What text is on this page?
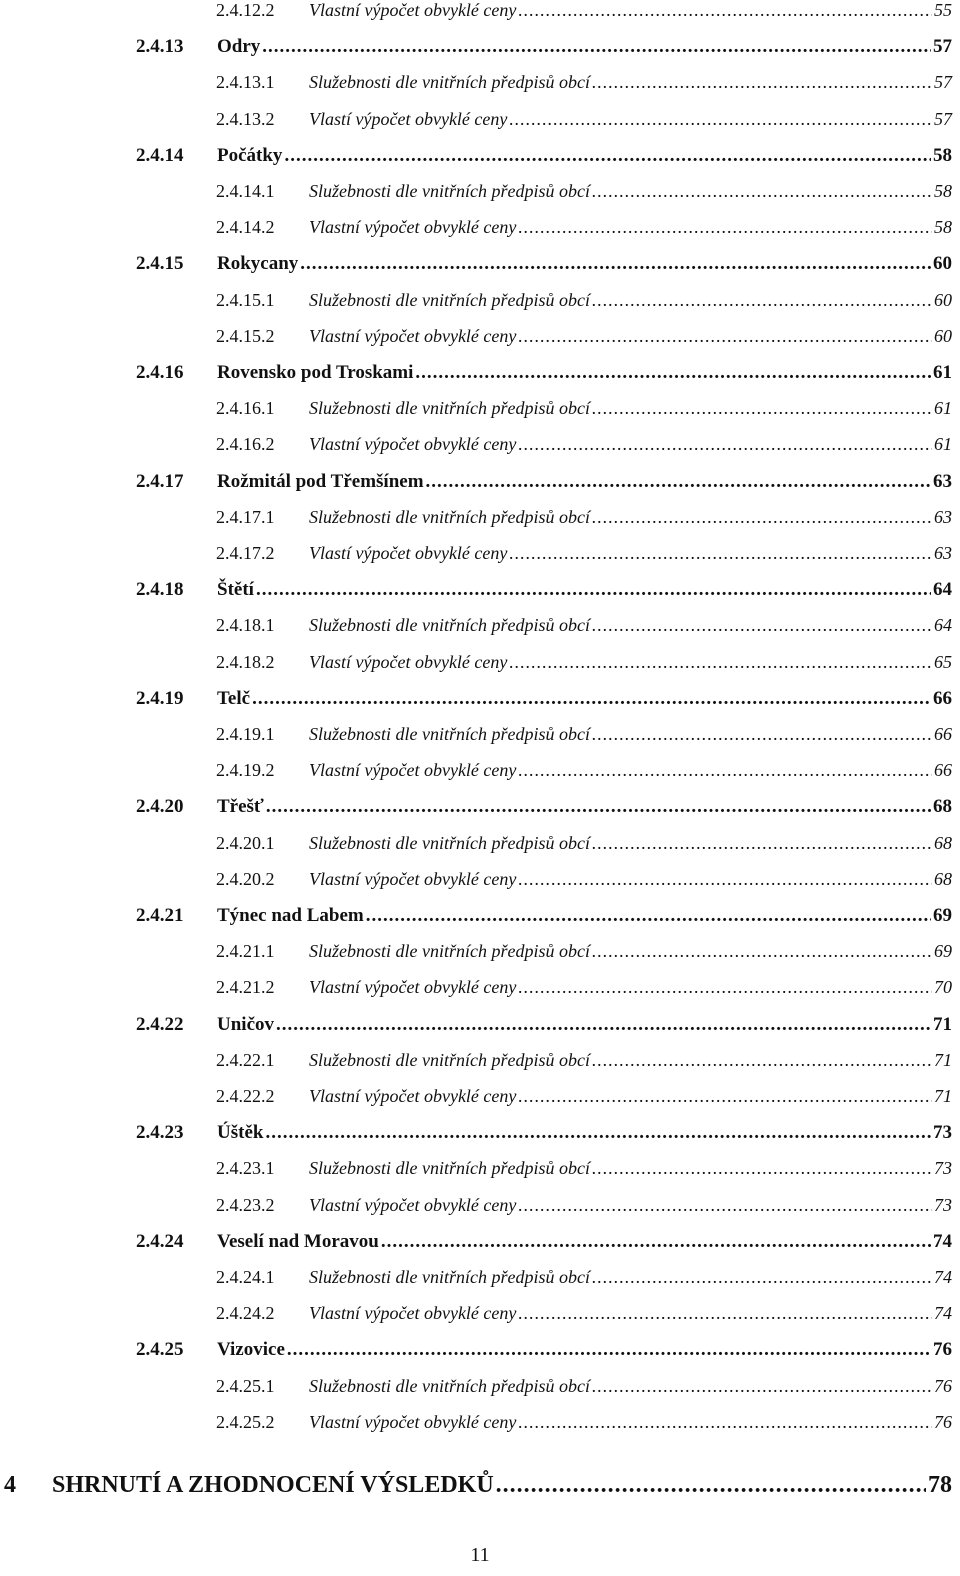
2.4.12.2	Vlastní výpočet obvyklé ceny .....	55
2.4.13	Odry .....	57
2.4.13.1	Služebnosti dle vnitřních předpisů obcí .....	57
2.4.13.2	Vlastí výpočet obvyklé ceny .....	57
2.4.14	Počátky .....	58
2.4.14.1	Služebnosti dle vnitřních předpisů obcí .....	58
2.4.14.2	Vlastní výpočet obvyklé ceny .....	58
2.4.15	Rokycany .....	60
2.4.15.1	Služebnosti dle vnitřních předpisů obcí .....	60
2.4.15.2	Vlastní výpočet obvyklé ceny .....	60
2.4.16	Rovensko pod Troskami .....	61
2.4.16.1	Služebnosti dle vnitřních předpisů obcí .....	61
2.4.16.2	Vlastní výpočet obvyklé ceny .....	61
2.4.17	Rožmitál pod Třemšínem .....	63
2.4.17.1	Služebnosti dle vnitřních předpisů obcí .....	63
2.4.17.2	Vlastí výpočet obvyklé ceny .....	63
2.4.18	Štětí .....	64
2.4.18.1	Služebnosti dle vnitřních předpisů obcí .....	64
2.4.18.2	Vlastí výpočet obvyklé ceny .....	65
2.4.19	Telč .....	66
2.4.19.1	Služebnosti dle vnitřních předpisů obcí .....	66
2.4.19.2	Vlastní výpočet obvyklé ceny .....	66
2.4.20	Třešť .....	68
2.4.20.1	Služebnosti dle vnitřních předpisů obcí .....	68
2.4.20.2	Vlastní výpočet obvyklé ceny .....	68
2.4.21	Týnec nad Labem .....	69
2.4.21.1	Služebnosti dle vnitřních předpisů obcí .....	69
2.4.21.2	Vlastní výpočet obvyklé ceny .....	70
2.4.22	Uničov .....	71
2.4.22.1	Služebnosti dle vnitřních předpisů obcí .....	71
2.4.22.2	Vlastní výpočet obvyklé ceny .....	71
2.4.23	Úštěk .....	73
2.4.23.1	Služebnosti dle vnitřních předpisů obcí .....	73
2.4.23.2	Vlastní výpočet obvyklé ceny .....	73
2.4.24	Veselí nad Moravou .....	74
2.4.24.1	Služebnosti dle vnitřních předpisů obcí .....	74
2.4.24.2	Vlastní výpočet obvyklé ceny .....	74
2.4.25	Vizovice .....	76
2.4.25.1	Služebnosti dle vnitřních předpisů obcí .....	76
2.4.25.2	Vlastní výpočet obvyklé ceny .....	76
4	SHRNUTÍ A ZHODNOCENÍ VÝSLEDKŮ .....	78
11
